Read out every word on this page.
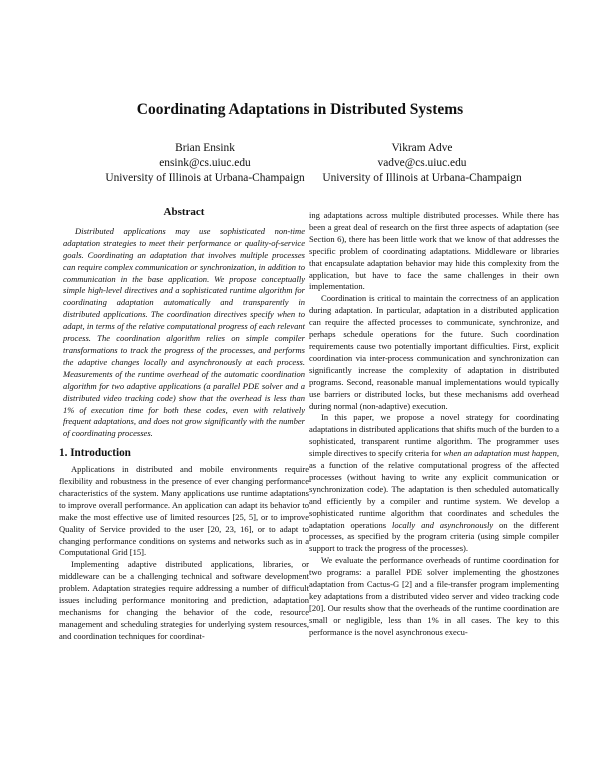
Coordinating Adaptations in Distributed Systems
Brian Ensink
ensink@cs.uiuc.edu
University of Illinois at Urbana-Champaign
Vikram Adve
vadve@cs.uiuc.edu
University of Illinois at Urbana-Champaign
Abstract

Distributed applications may use sophisticated non-time adaptation strategies to meet their performance or quality-of-service goals. Coordinating an adaptation that involves multiple processes can require complex communication or synchronization, in addition to communication in the base application. We propose conceptually simple high-level directives and a sophisticated runtime algorithm for coordinating adaptation automatically and transparently in distributed applications. The coordination directives specify when to adapt, in terms of the relative computational progress of each relevant process. The coordination algorithm relies on simple compiler transformations to track the progress of the processes, and performs the adaptive changes locally and asynchronously at each process. Measurements of the runtime overhead of the automatic coordination algorithm for two adaptive applications (a parallel PDE solver and a distributed video tracking code) show that the overhead is less than 1% of execution time for both these codes, even with relatively frequent adaptations, and does not grow significantly with the number of coordinating processes.

1. Introduction

Applications in distributed and mobile environments require flexibility and robustness in the presence of ever changing performance characteristics of the system. Many applications use runtime adaptations to improve overall performance. An application can adapt its behavior to make the most effective use of limited resources [25, 5], or to improve Quality of Service provided to the user [20, 23, 16], or to adapt to changing performance conditions on systems and networks such as in a Computational Grid [15].

Implementing adaptive distributed applications, libraries, or middleware can be a challenging technical and software development problem. Adaptation strategies require addressing a number of difficult issues including performance monitoring and prediction, adaptation mechanisms for changing the behavior of the code, resource management and scheduling strategies for underlying system resources, and coordination techniques for coordinat-

ing adaptations across multiple distributed processes. While there has been a great deal of research on the first three aspects of adaptation (see Section 6), there has been little work that we know of that addresses the specific problem of coordinating adaptations. Middleware or libraries that encapsulate adaptation behavior may hide this complexity from the application, but have to face the same challenges in their own implementation.

Coordination is critical to maintain the correctness of an application during adaptation. In particular, adaptation in a distributed application can require the affected processes to communicate, synchronize, and perhaps schedule operations for the future. Such coordination requirements cause two potentially important difficulties. First, explicit coordination via inter-process communication and synchronization can significantly increase the complexity of adaptation in distributed programs. Second, reasonable manual implementations would typically use barriers or distributed locks, but these mechanisms add overhead during normal (non-adaptive) execution.

In this paper, we propose a novel strategy for coordinating adaptations in distributed applications that shifts much of the burden to a sophisticated, transparent runtime algorithm. The programmer uses simple directives to specify criteria for when an adaptation must happen, as a function of the relative computational progress of the affected processes (without having to write any explicit communication or synchronization code). The adaptation is then scheduled automatically and efficiently by a compiler and runtime system. We develop a sophisticated runtime algorithm that coordinates and schedules the adaptation operations locally and asynchronously on the different processes, as specified by the program criteria (using simple compiler support to track the progress of the processes).

We evaluate the performance overheads of runtime coordination for two programs: a parallel PDE solver implementing the ghostzones adaptation from Cactus-G [2] and a file-transfer program implementing key adaptations from a distributed video server and video tracking code [20]. Our results show that the overheads of the runtime coordination are small or negligible, less than 1% in all cases. The key to this performance is the novel asynchronous execu-
